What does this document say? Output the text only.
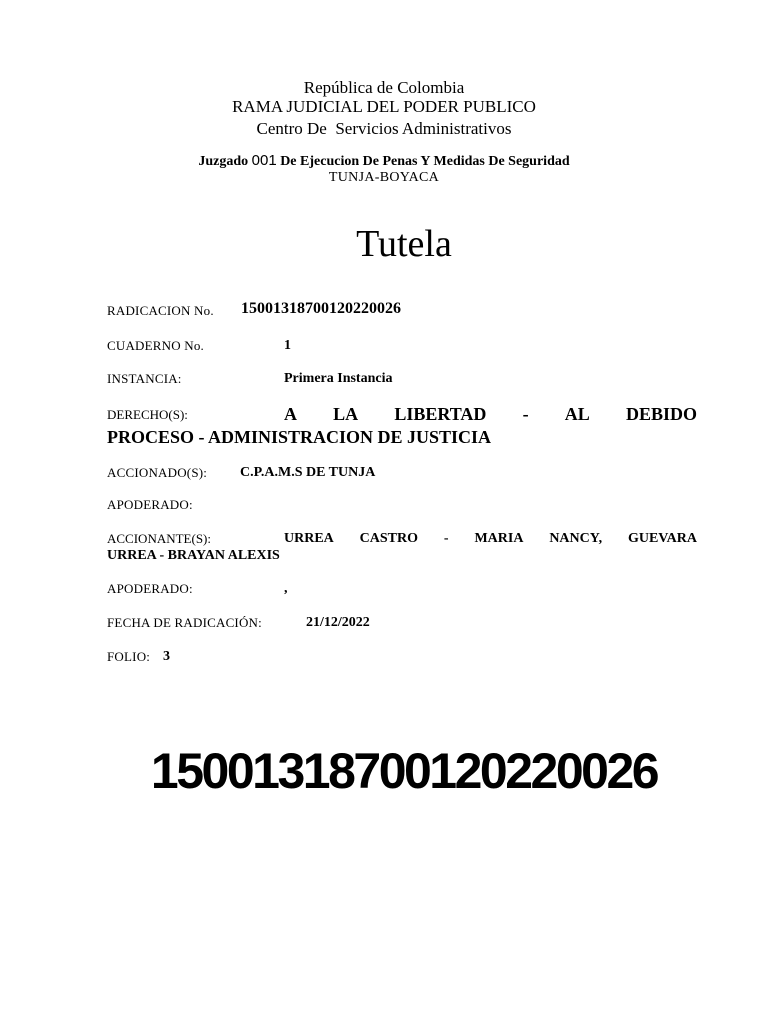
República de Colombia
RAMA JUDICIAL DEL PODER PUBLICO
Centro De  Servicios Administrativos
Juzgado 001 De Ejecucion De Penas Y Medidas De Seguridad
TUNJA-BOYACA
Tutela
RADICACION No. 15001318700120220026
CUADERNO No.	1
INSTANCIA:	Primera Instancia
DERECHO(S):	A LA LIBERTAD - AL DEBIDO
PROCESO - ADMINISTRACION DE JUSTICIA
ACCIONADO(S): C.P.A.M.S DE TUNJA
APODERADO:
ACCIONANTE(S):	URREA CASTRO - MARIA NANCY, GUEVARA
URREA - BRAYAN ALEXIS
APODERADO:	,
FECHA DE RADICACIÓN:	21/12/2022
FOLIO: 3
15001318700120220026
